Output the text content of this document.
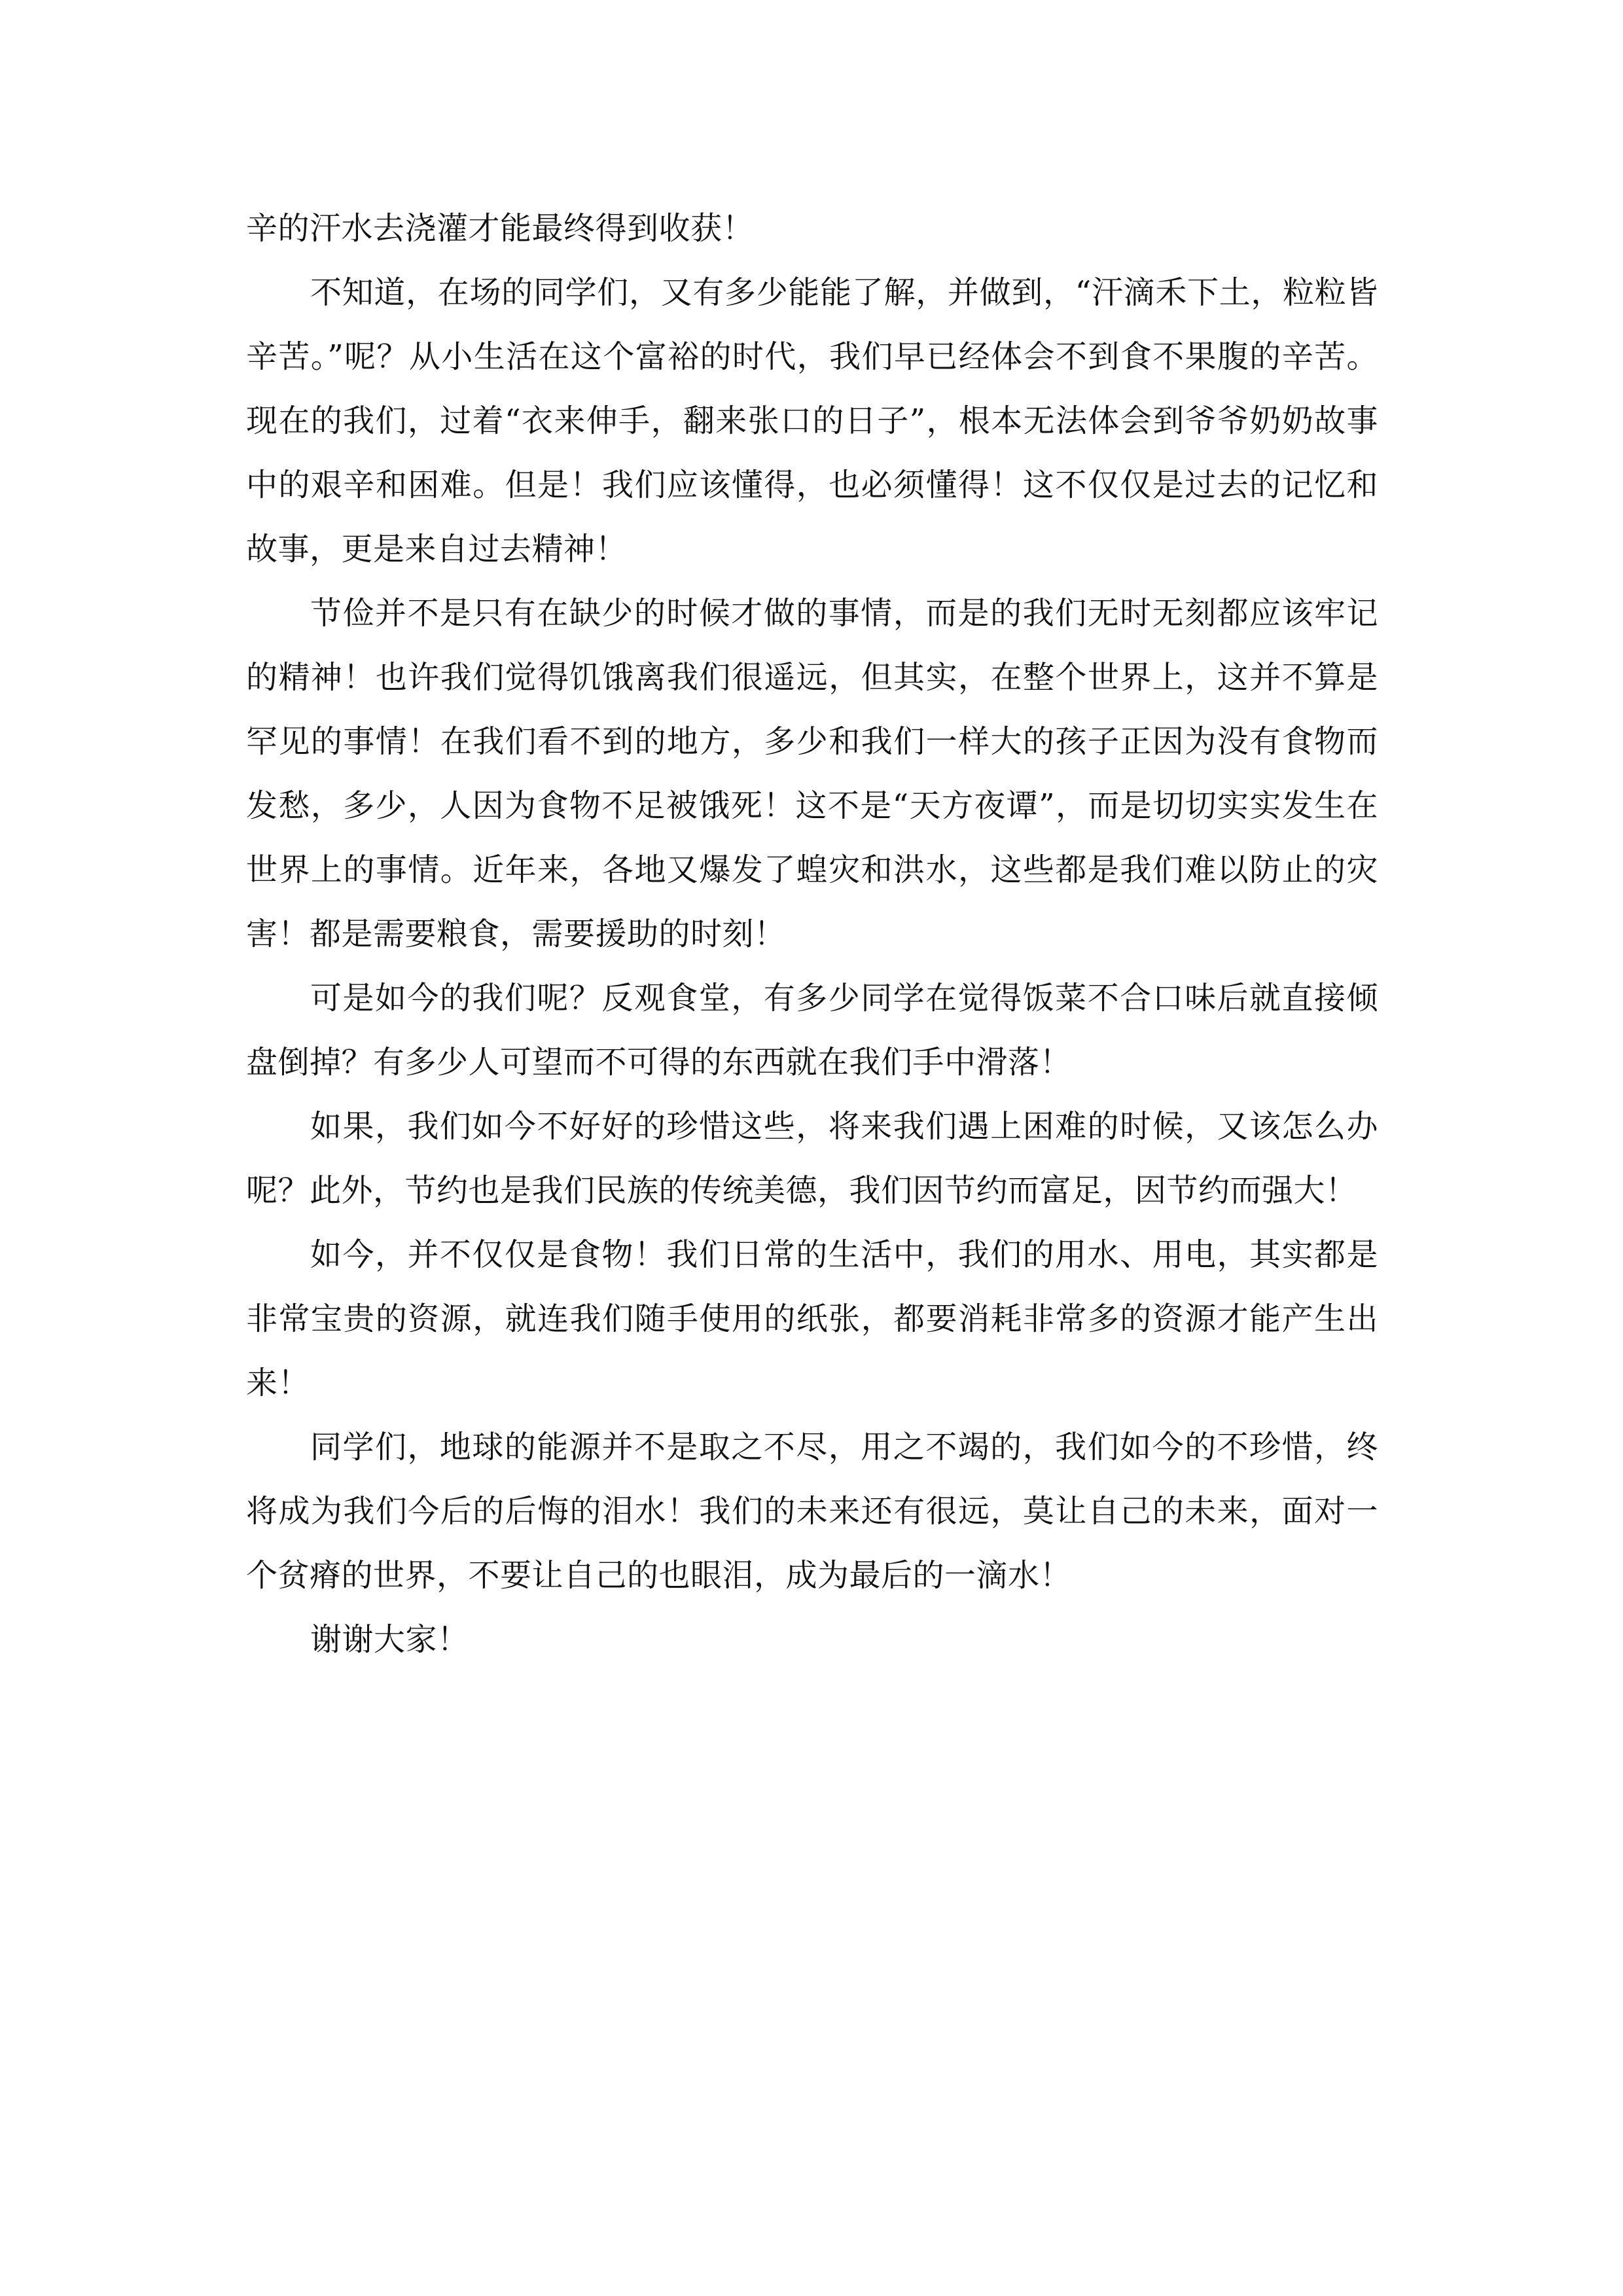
辛的汗水去浇灌才能最终得到收获！

不知道，在场的同学们，又有多少能能了解，并做到，“汗滴禾下土，粒粒皆辛苦。”呢？从小生活在这个富裕的时代，我们早已经体会不到食不果腹的辛苦。现在的我们，过着“衣来伸手，翻来张口的日子”，根本无法体会到爷爷奶奶故事中的艰辛和困难。但是！我们应该懂得，也必须懂得！这不仅仅是过去的记忆和故事，更是来自过去精神！

节俭并不是只有在缺少的时候才做的事情，而是的我们无时无刻都应该牢记的精神！也许我们觉得饥饿离我们很遥远，但其实，在整个世界上，这并不算是罕见的事情！在我们看不到的地方，多少和我们一样大的孩子正因为没有食物而发愁，多少，人因为食物不足被饿死！这不是“天方夜谭”，而是切切实实发生在世界上的事情。近年来，各地又爆发了蝗灾和洪水，这些都是我们难以防止的灾害！都是需要粮食，需要援助的时刻！

可是如今的我们呢？反观食堂，有多少同学在觉得饭菜不合口味后就直接倾盘倒掉？有多少人可望而不可得的东西就在我们手中滑落！

如果，我们如今不好好的珍惜这些，将来我们遇上困难的时候，又该怎么办呢？此外，节约也是我们民族的传统美德，我们因节约而富足，因节约而强大！

如今，并不仅仅是食物！我们日常的生活中，我们的用水、用电，其实都是非常宝贵的资源，就连我们随手使用的纸张，都要消耗非常多的资源才能产生出来！

同学们，地球的能源并不是取之不尽，用之不竭的，我们如今的不珍惜，终将成为我们今后的后悔的泪水！我们的未来还有很远，莫让自己的未来，面对一个贫瘠的世界，不要让自己的也眼泪，成为最后的一滴水！

谢谢大家！
